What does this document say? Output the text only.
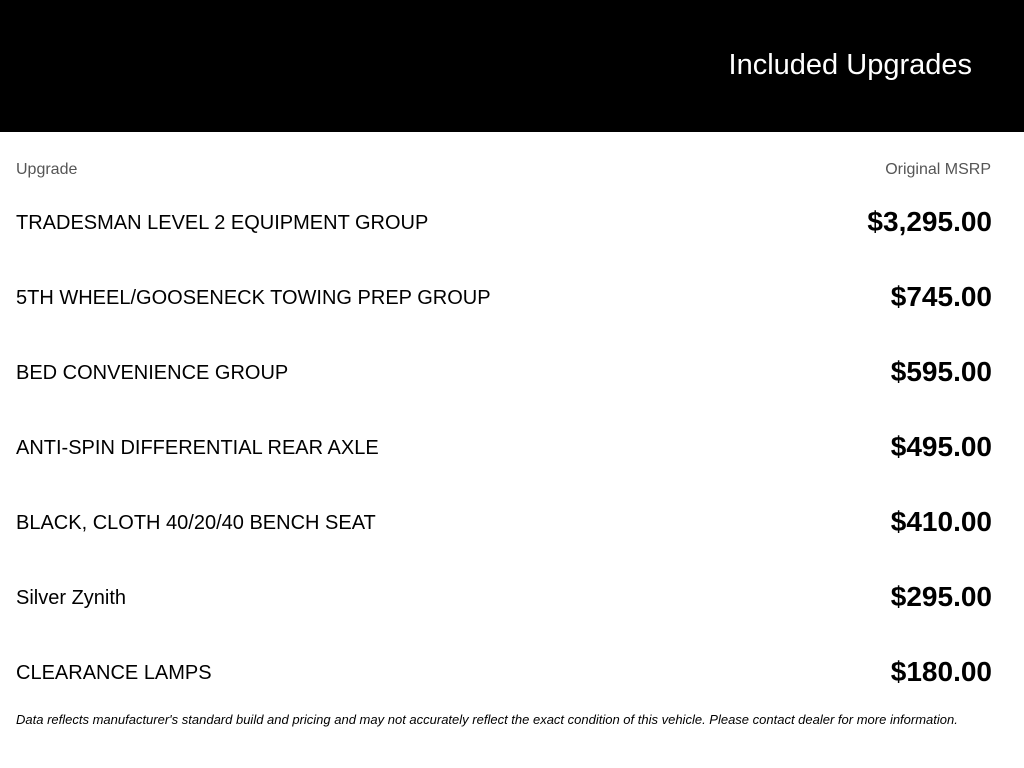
Included Upgrades
Upgrade	Original MSRP
TRADESMAN LEVEL 2 EQUIPMENT GROUP	$3,295.00
5TH WHEEL/GOOSENECK TOWING PREP GROUP	$745.00
BED CONVENIENCE GROUP	$595.00
ANTI-SPIN DIFFERENTIAL REAR AXLE	$495.00
BLACK, CLOTH 40/20/40 BENCH SEAT	$410.00
Silver Zynith	$295.00
CLEARANCE LAMPS	$180.00
Data reflects manufacturer's standard build and pricing and may not accurately reflect the exact condition of this vehicle. Please contact dealer for more information.
